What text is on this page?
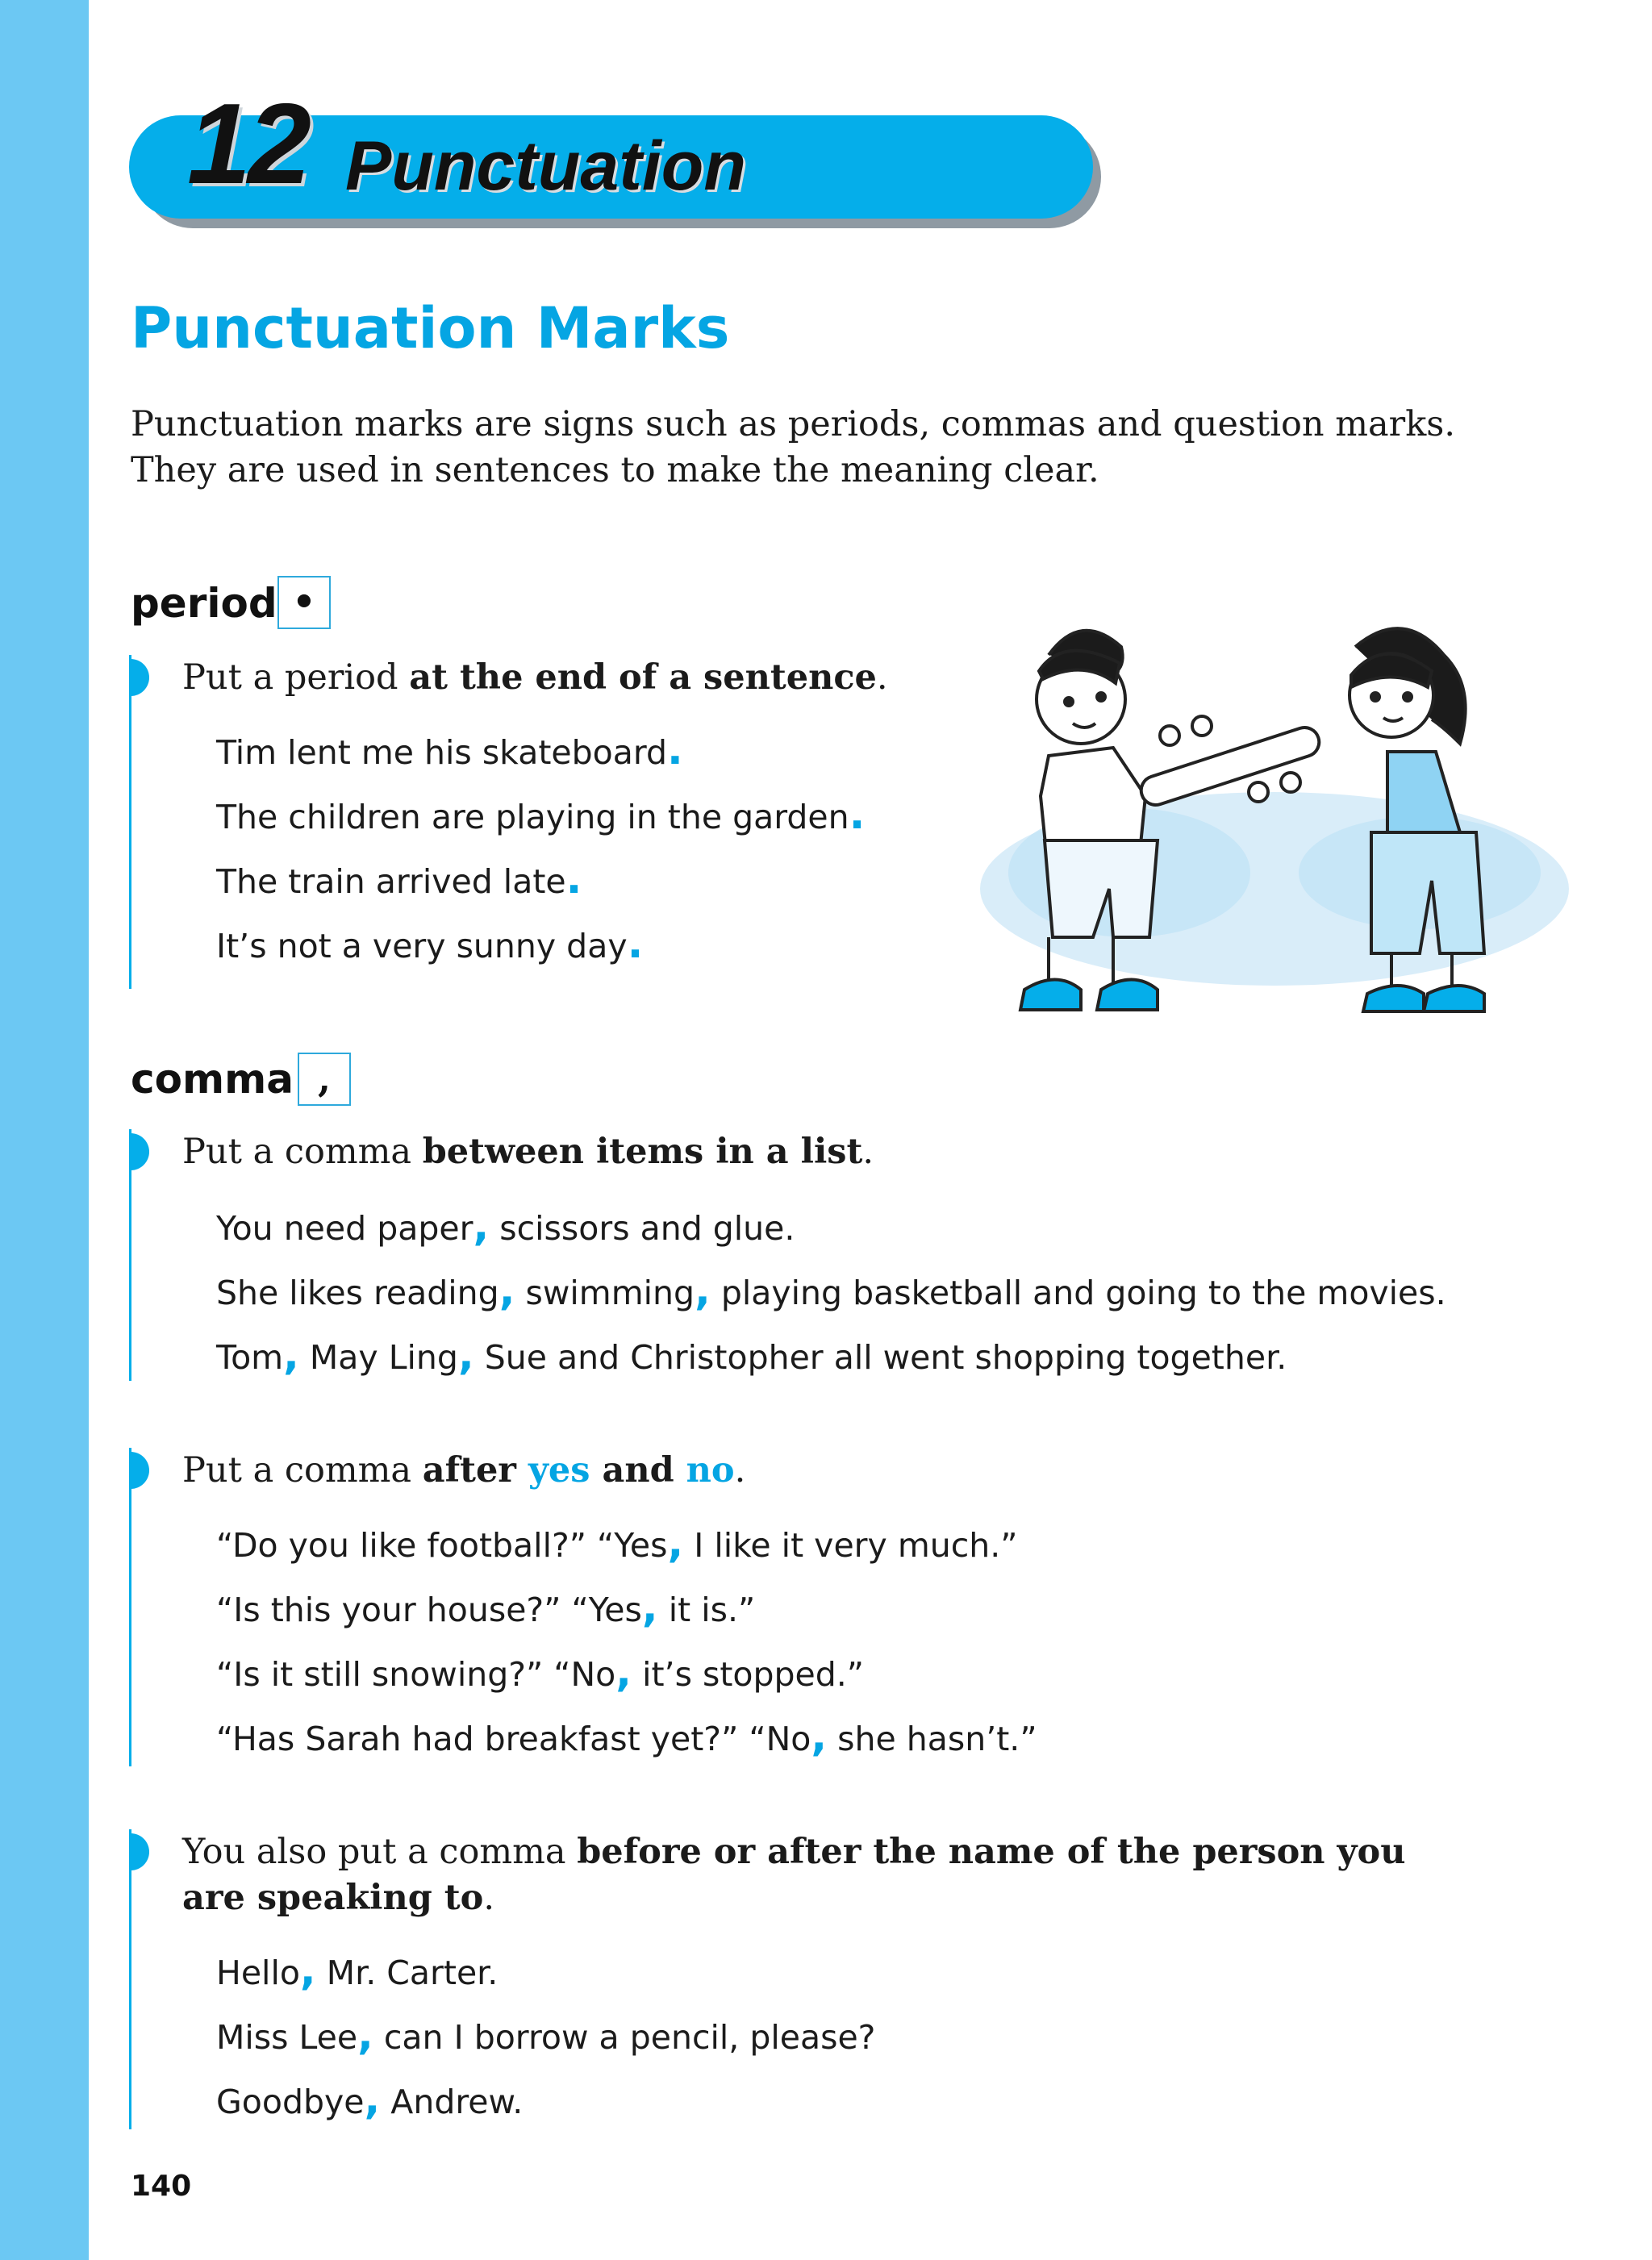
12 Punctuation
Punctuation Marks
Punctuation marks are signs such as periods, commas and question marks.
They are used in sentences to make the meaning clear.
period •
Put a period at the end of a sentence.
Tim lent me his skateboard.
The children are playing in the garden.
The train arrived late.
It’s not a very sunny day.
comma ,
Put a comma between items in a list.
You need paper, scissors and glue.
She likes reading, swimming, playing basketball and going to the movies.
Tom, May Ling, Sue and Christopher all went shopping together.
Put a comma after yes and no.
“Do you like football?” “Yes, I like it very much.”
“Is this your house?” “Yes, it is.”
“Is it still snowing?” “No, it’s stopped.”
“Has Sarah had breakfast yet?” “No, she hasn’t.”
You also put a comma before or after the name of the person you are speaking to.
Hello, Mr. Carter.
Miss Lee, can I borrow a pencil, please?
Goodbye, Andrew.
140
